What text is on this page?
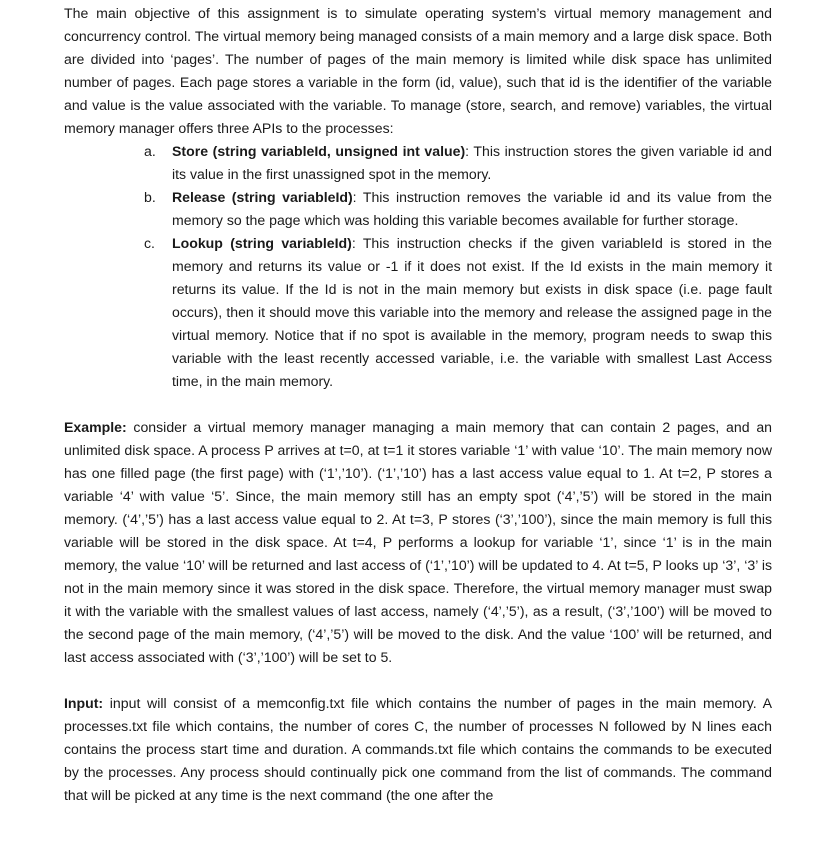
The main objective of this assignment is to simulate operating system’s virtual memory management and concurrency control. The virtual memory being managed consists of a main memory and a large disk space. Both are divided into ‘pages’. The number of pages of the main memory is limited while disk space has unlimited number of pages. Each page stores a variable in the form (id, value), such that id is the identifier of the variable and value is the value associated with the variable. To manage (store, search, and remove) variables, the virtual memory manager offers three APIs to the processes:

a. Store (string variableId, unsigned int value): This instruction stores the given variable id and its value in the first unassigned spot in the memory.
b. Release (string variableId): This instruction removes the variable id and its value from the memory so the page which was holding this variable becomes available for further storage.
c. Lookup (string variableId): This instruction checks if the given variableId is stored in the memory and returns its value or -1 if it does not exist. If the Id exists in the main memory it returns its value. If the Id is not in the main memory but exists in disk space (i.e. page fault occurs), then it should move this variable into the memory and release the assigned page in the virtual memory. Notice that if no spot is available in the memory, program needs to swap this variable with the least recently accessed variable, i.e. the variable with smallest Last Access time, in the main memory.

Example: consider a virtual memory manager managing a main memory that can contain 2 pages, and an unlimited disk space. A process P arrives at t=0, at t=1 it stores variable ‘1’ with value ‘10’. The main memory now has one filled page (the first page) with (‘1’,’10’). (‘1’,’10’) has a last access value equal to 1. At t=2, P stores a variable ‘4’ with value ‘5’. Since, the main memory still has an empty spot (‘4’,’5’) will be stored in the main memory. (‘4’,’5’) has a last access value equal to 2. At t=3, P stores (‘3’,’100’), since the main memory is full this variable will be stored in the disk space. At t=4, P performs a lookup for variable ‘1’, since ‘1’ is in the main memory, the value ‘10’ will be returned and last access of (‘1’,’10’) will be updated to 4. At t=5, P looks up ‘3’, ‘3’ is not in the main memory since it was stored in the disk space. Therefore, the virtual memory manager must swap it with the variable with the smallest values of last access, namely (‘4’,’5’), as a result, (‘3’,’100’) will be moved to the second page of the main memory, (‘4’,’5’) will be moved to the disk. And the value ‘100’ will be returned, and last access associated with (‘3’,’100’) will be set to 5.

Input: input will consist of a memconfig.txt file which contains the number of pages in the main memory. A processes.txt file which contains, the number of cores C, the number of processes N followed by N lines each contains the process start time and duration. A commands.txt file which contains the commands to be executed by the processes. Any process should continually pick one command from the list of commands. The command that will be picked at any time is the next command (the one after the
